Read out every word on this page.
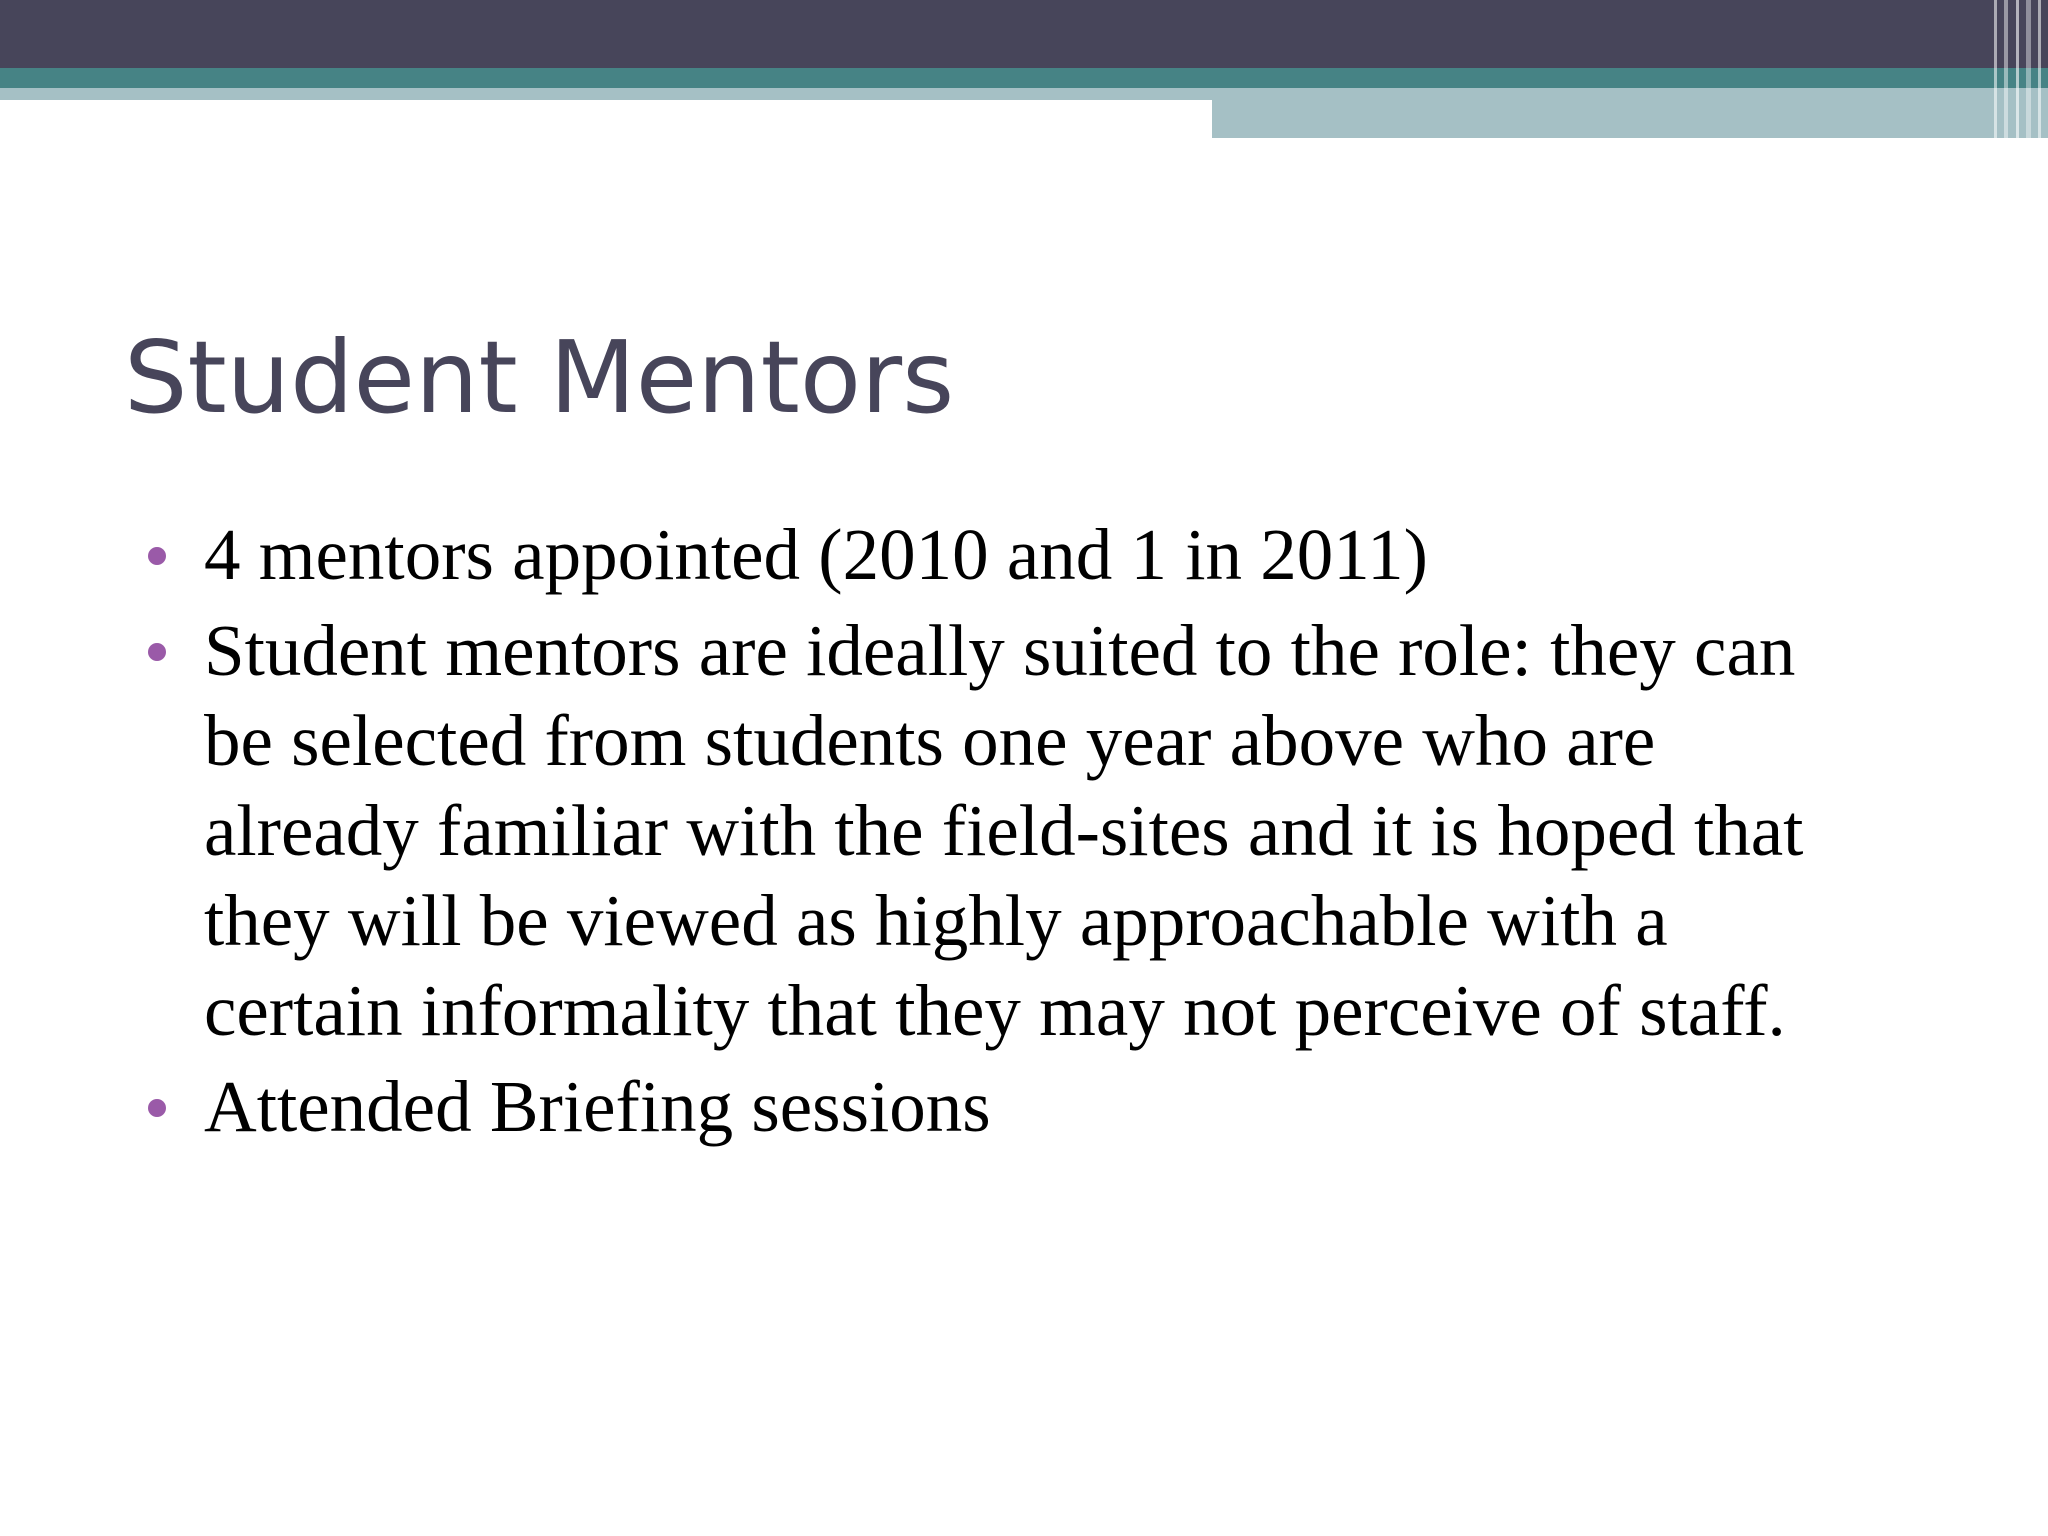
Student Mentors
4 mentors appointed (2010 and 1 in 2011)
Student mentors are ideally suited to the role: they can be selected from students one year above who are already familiar with the field-sites and it is hoped that they will be viewed as highly approachable with a certain informality that they may not perceive of staff.
Attended Briefing sessions
